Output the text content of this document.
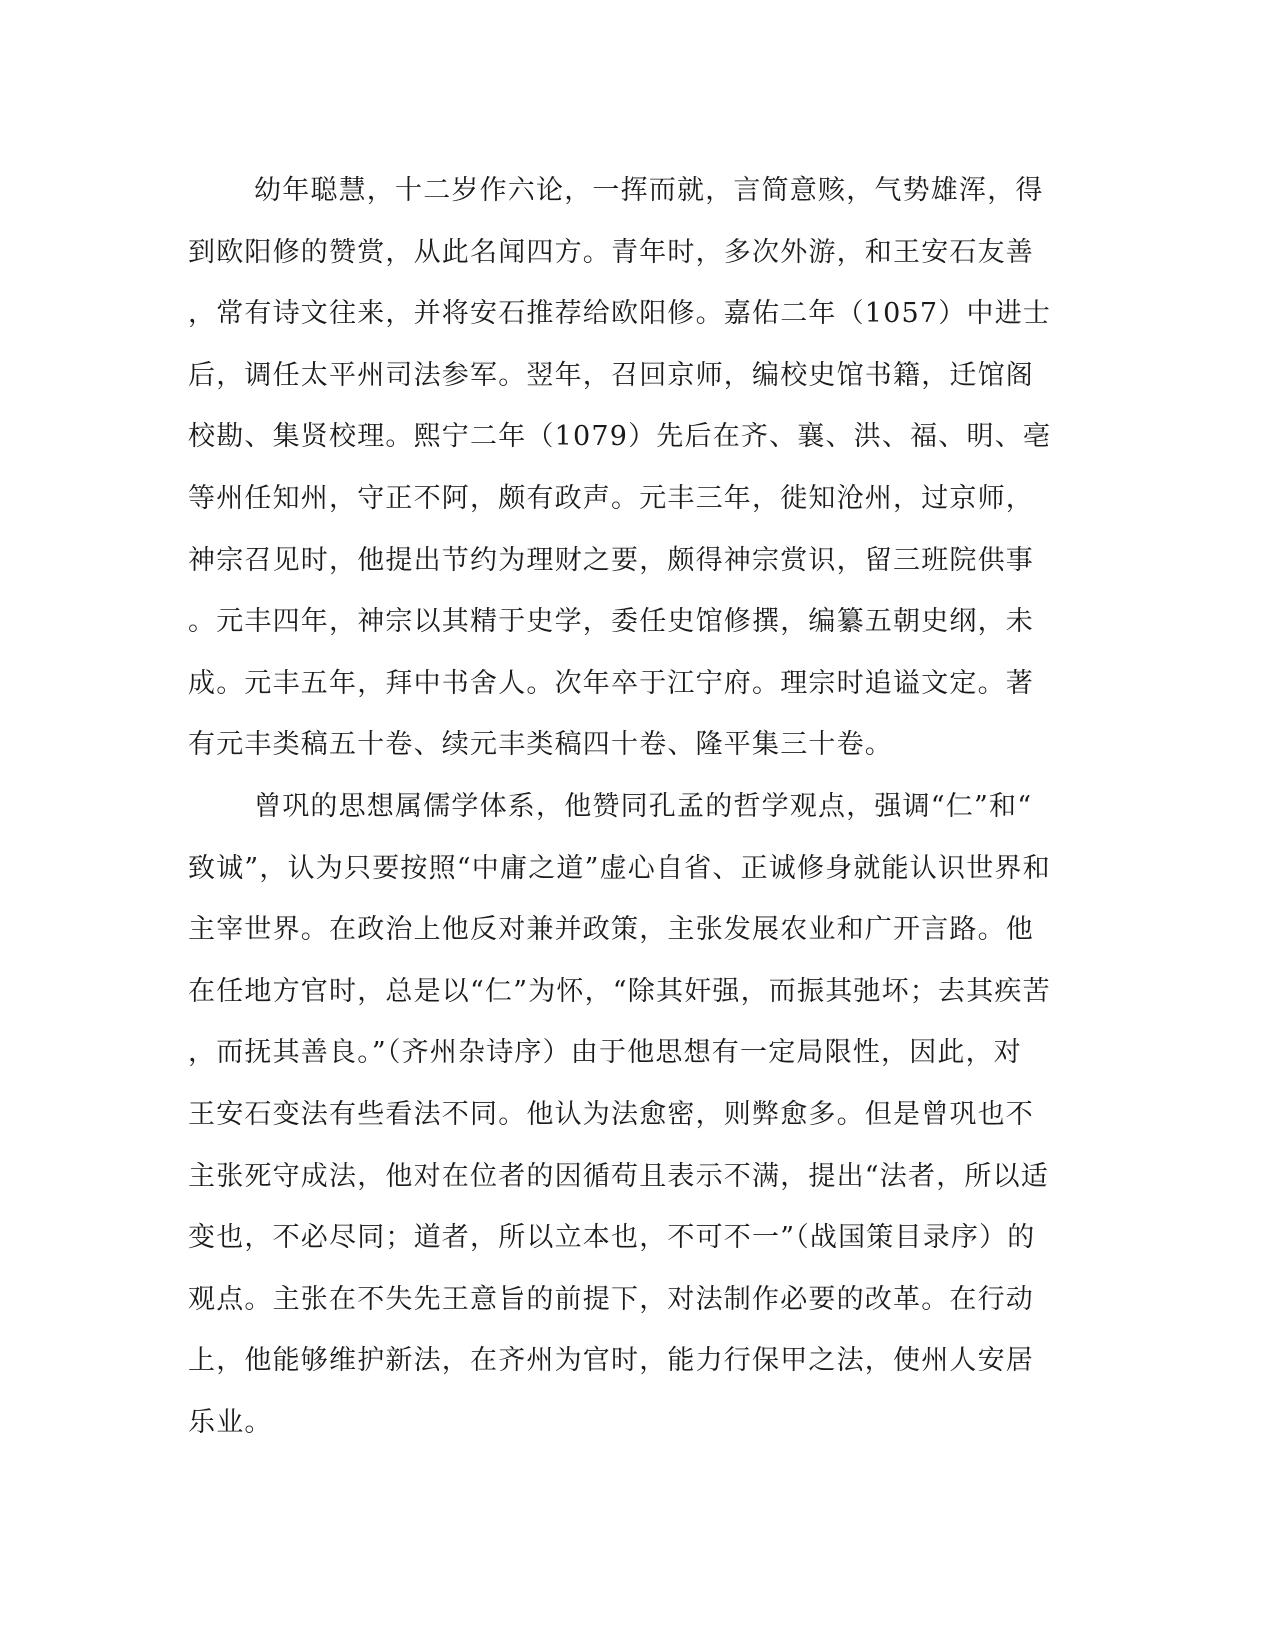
幼年聪慧，十二岁作六论，一挥而就，言简意赅，气势雄浑，得
到欧阳修的赞赏，从此名闻四方。青年时，多次外游，和王安石友善
，常有诗文往来，并将安石推荐给欧阳修。嘉佑二年（1057）中进士
后，调任太平州司法参军。翌年，召回京师，编校史馆书籍，迁馆阁
校勘、集贤校理。熙宁二年（1079）先后在齐、襄、洪、福、明、亳
等州任知州，守正不阿，颇有政声。元丰三年，徙知沧州，过京师，
神宗召见时，他提出节约为理财之要，颇得神宗赏识，留三班院供事
。元丰四年，神宗以其精于史学，委任史馆修撰，编纂五朝史纲，未
成。元丰五年，拜中书舍人。次年卒于江宁府。理宗时追谥文定。著
有元丰类稿五十卷、续元丰类稿四十卷、隆平集三十卷。
曾巩的思想属儒学体系，他赞同孔孟的哲学观点，强调“仁”和“
致诚”，认为只要按照“中庸之道”虚心自省、正诚修身就能认识世界和
主宰世界。在政治上他反对兼并政策，主张发展农业和广开言路。他
在任地方官时，总是以“仁”为怀，“除其奸强，而振其弛坏；去其疾苦
，而抚其善良。”（齐州杂诗序）由于他思想有一定局限性，因此，对
王安石变法有些看法不同。他认为法愈密，则弊愈多。但是曾巩也不
主张死守成法，他对在位者的因循苟且表示不满，提出“法者，所以适
变也，不必尽同；道者，所以立本也，不可不一”（战国策目录序）的
观点。主张在不失先王意旨的前提下，对法制作必要的改革。在行动
上，他能够维护新法，在齐州为官时，能力行保甲之法，使州人安居
乐业。
